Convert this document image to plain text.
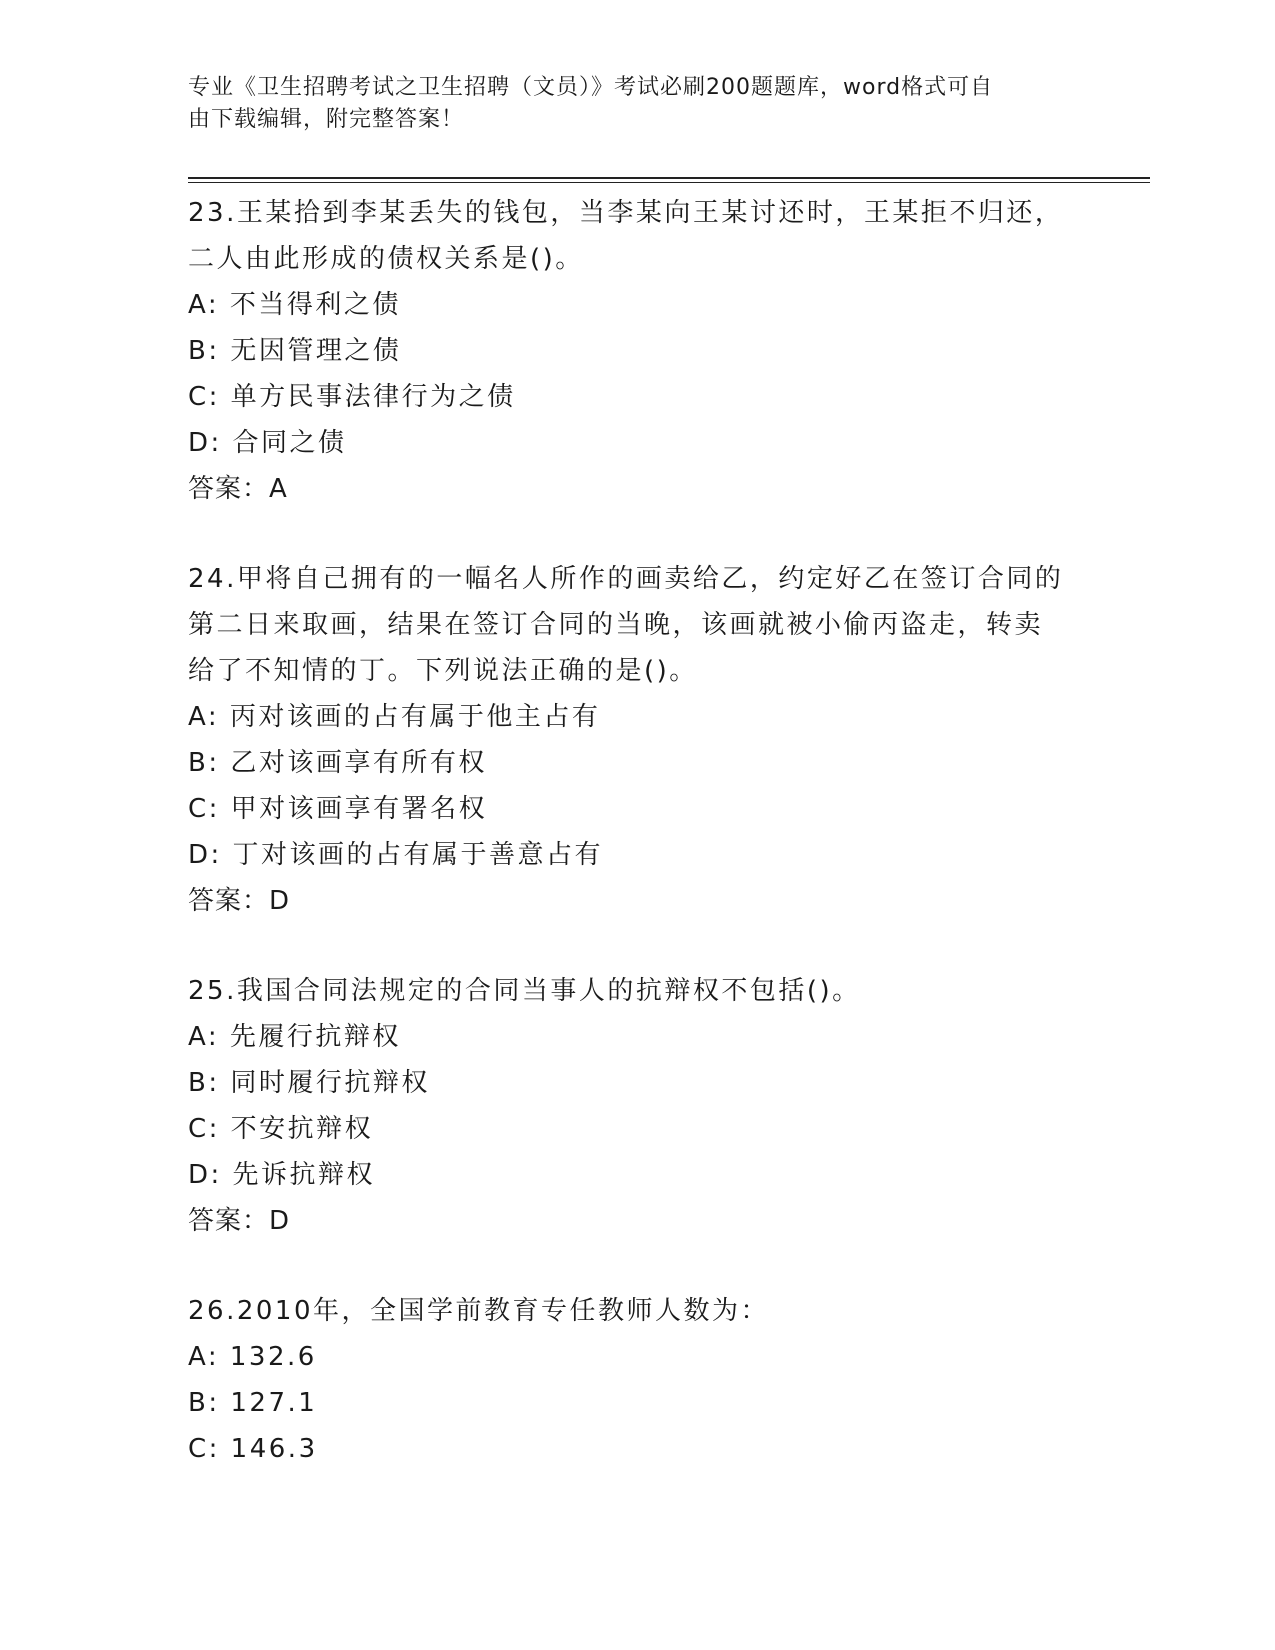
专业《卫生招聘考试之卫生招聘（文员）》考试必刷200题题库，word格式可自
由下载编辑，附完整答案！

23.王某拾到李某丢失的钱包，当李某向王某讨还时，王某拒不归还，

二人由此形成的债权关系是()。

A: 不当得利之债

B: 无因管理之债

C: 单方民事法律行为之债

D: 合同之债

答案：A

24.甲将自己拥有的一幅名人所作的画卖给乙，约定好乙在签订合同的

第二日来取画，结果在签订合同的当晚，该画就被小偷丙盗走，转卖

给了不知情的丁。下列说法正确的是()。

A: 丙对该画的占有属于他主占有

B: 乙对该画享有所有权

C: 甲对该画享有署名权

D: 丁对该画的占有属于善意占有

答案：D

25.我国合同法规定的合同当事人的抗辩权不包括()。

A: 先履行抗辩权

B: 同时履行抗辩权

C: 不安抗辩权

D: 先诉抗辩权

答案：D

26.2010年，全国学前教育专任教师人数为：

A: 132.6

B: 127.1

C: 146.3
